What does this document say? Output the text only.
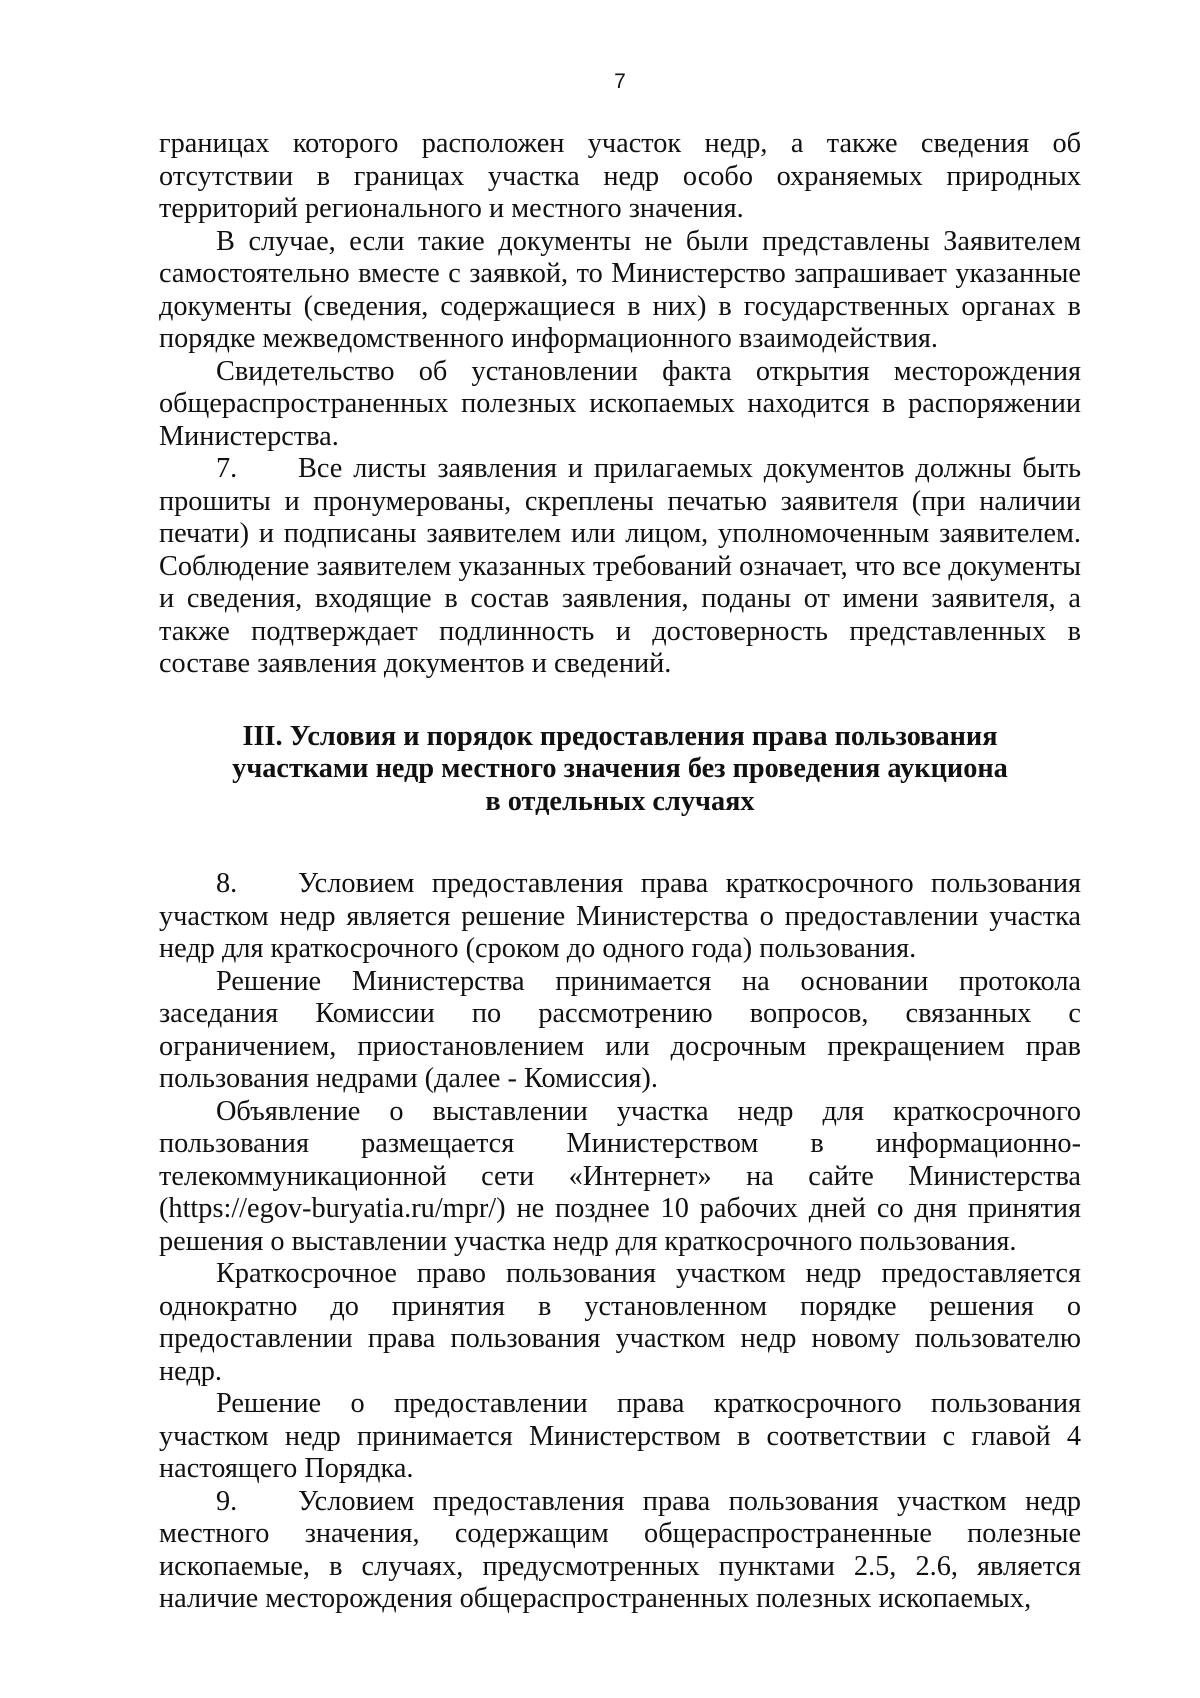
7

границах которого расположен участок недр, а также сведения об отсутствии в границах участка недр особо охраняемых природных территорий регионального и местного значения.

В случае, если такие документы не были представлены Заявителем самостоятельно вместе с заявкой, то Министерство запрашивает указанные документы (сведения, содержащиеся в них) в государственных органах в порядке межведомственного информационного взаимодействия.

Свидетельство об установлении факта открытия месторождения общераспространенных полезных ископаемых находится в распоряжении Министерства.

7. Все листы заявления и прилагаемых документов должны быть прошиты и пронумерованы, скреплены печатью заявителя (при наличии печати) и подписаны заявителем или лицом, уполномоченным заявителем. Соблюдение заявителем указанных требований означает, что все документы и сведения, входящие в состав заявления, поданы от имени заявителя, а также подтверждает подлинность и достоверность представленных в составе заявления документов и сведений.

III. Условия и порядок предоставления права пользования
участками недр местного значения без проведения аукциона
в отдельных случаях

8. Условием предоставления права краткосрочного пользования участком недр является решение Министерства о предоставлении участка недр для краткосрочного (сроком до одного года) пользования.

Решение Министерства принимается на основании протокола заседания Комиссии по рассмотрению вопросов, связанных с ограничением, приостановлением или досрочным прекращением прав пользования недрами (далее - Комиссия).

Объявление о выставлении участка недр для краткосрочного пользования размещается Министерством в информационно-телекоммуникационной сети «Интернет» на сайте Министерства (https://egov-buryatia.ru/mpr/) не позднее 10 рабочих дней со дня принятия решения о выставлении участка недр для краткосрочного пользования.

Краткосрочное право пользования участком недр предоставляется однократно до принятия в установленном порядке решения о предоставлении права пользования участком недр новому пользователю недр.

Решение о предоставлении права краткосрочного пользования участком недр принимается Министерством в соответствии с главой 4 настоящего Порядка.

9. Условием предоставления права пользования участком недр местного значения, содержащим общераспространенные полезные ископаемые, в случаях, предусмотренных пунктами 2.5, 2.6, является наличие месторождения общераспространенных полезных ископаемых,
